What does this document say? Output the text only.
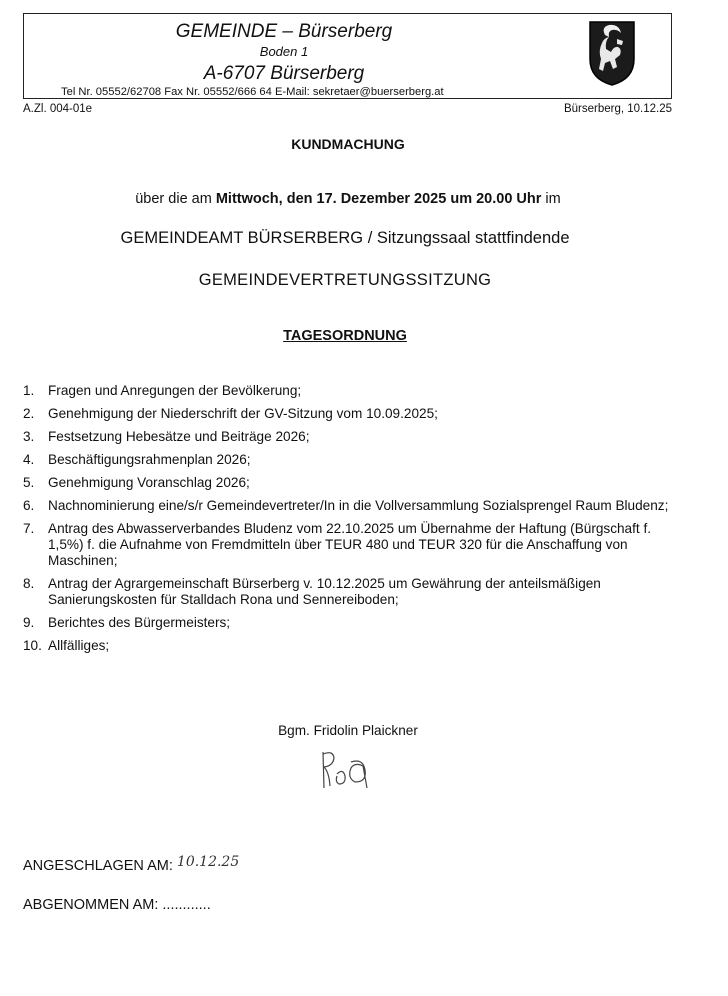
GEMEINDE – Bürserberg
Boden 1
A-6707 Bürserberg
Tel Nr. 05552/62708 Fax Nr. 05552/666 64 E-Mail: sekretaer@buerserberg.at
A.Zl. 004-01e	Bürserberg, 10.12.25
KUNDMACHUNG
über die am Mittwoch, den 17. Dezember 2025 um 20.00 Uhr im
GEMEINDEAMT BÜRSERBERG / Sitzungssaal stattfindende
GEMEINDEVERTRETUNGSSITZUNG
TAGESORDNUNG
1.	Fragen und Anregungen der Bevölkerung;
2.	Genehmigung der Niederschrift der GV-Sitzung vom 10.09.2025;
3.	Festsetzung Hebesätze und Beiträge 2026;
4.	Beschäftigungsrahmenplan 2026;
5.	Genehmigung Voranschlag 2026;
6.	Nachnominierung eine/s/r Gemeindevertreter/In in die Vollversammlung Sozialsprengel Raum Bludenz;
7.	Antrag des Abwasserverbandes Bludenz vom 22.10.2025 um Übernahme der Haftung (Bürgschaft f. 1,5%) f. die Aufnahme von Fremdmitteln über TEUR 480 und TEUR 320 für die Anschaffung von Maschinen;
8.	Antrag der Agrargemeinschaft Bürserberg v. 10.12.2025 um Gewährung der anteilsmäßigen Sanierungskosten für Stalldach Rona und Sennereiboden;
9.	Berichtes des Bürgermeisters;
10. Allfälliges;
Bgm. Fridolin Plaickner
ANGESCHLAGEN AM: 10.12.25
ABGENOMMEN AM: ............
